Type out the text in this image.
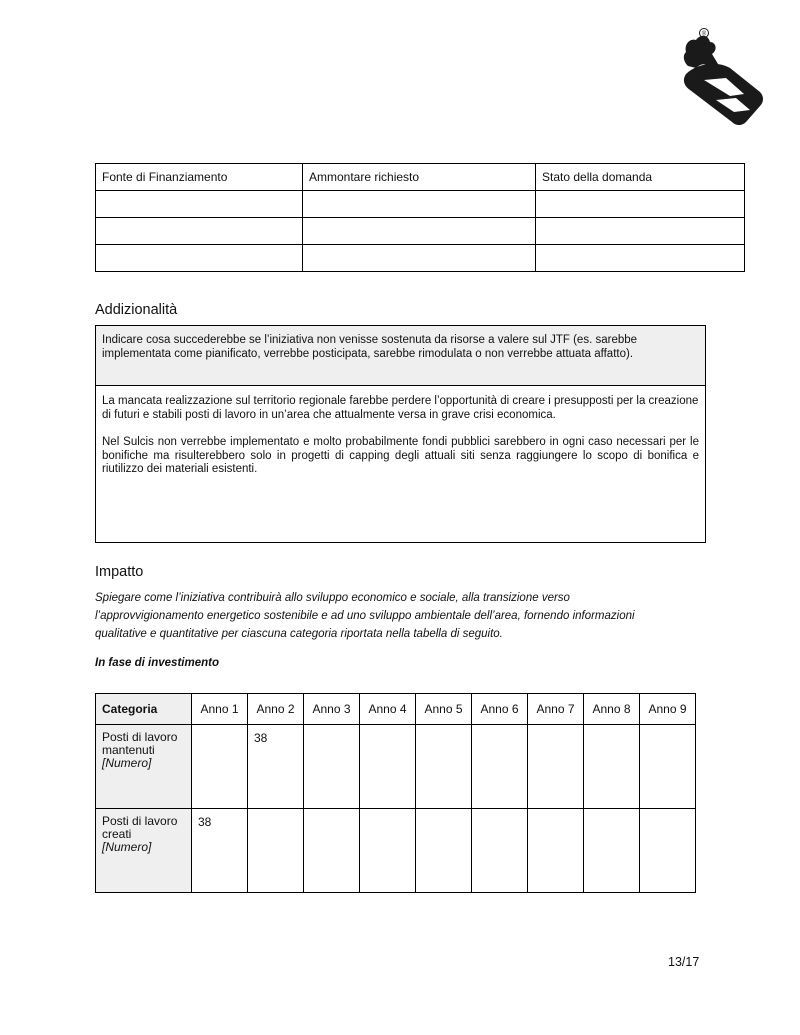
®
Fonte di Finanziamento	Ammontare richiesto	Stato della domanda

Addizionalità
Indicare cosa succederebbe se l’iniziativa non venisse sostenuta da risorse a valere sul JTF (es. sarebbe implementata come pianificato, verrebbe posticipata, sarebbe rimodulata o non verrebbe attuata affatto).

La mancata realizzazione sul territorio regionale farebbe perdere l’opportunità di creare i presupposti per la creazione di futuri e stabili posti di lavoro in un’area che attualmente versa in grave crisi economica.

Nel Sulcis non verrebbe implementato e molto probabilmente fondi pubblici sarebbero in ogni caso necessari per le bonifiche ma risulterebbero solo in progetti di capping degli attuali siti senza raggiungere lo scopo di bonifica e riutilizzo dei materiali esistenti.

Impatto
Spiegare come l’iniziativa contribuirà allo sviluppo economico e sociale, alla transizione verso l’approvvigionamento energetico sostenibile e ad uno sviluppo ambientale dell’area, fornendo informazioni qualitative e quantitative per ciascuna categoria riportata nella tabella di seguito.
In fase di investimento
Categoria	Anno 1	Anno 2	Anno 3	Anno 4	Anno 5	Anno 6	Anno 7	Anno 8	Anno 9
Posti di lavoro mantenuti
[Numero]		38							
Posti di lavoro creati
[Numero]	38								
13/17
